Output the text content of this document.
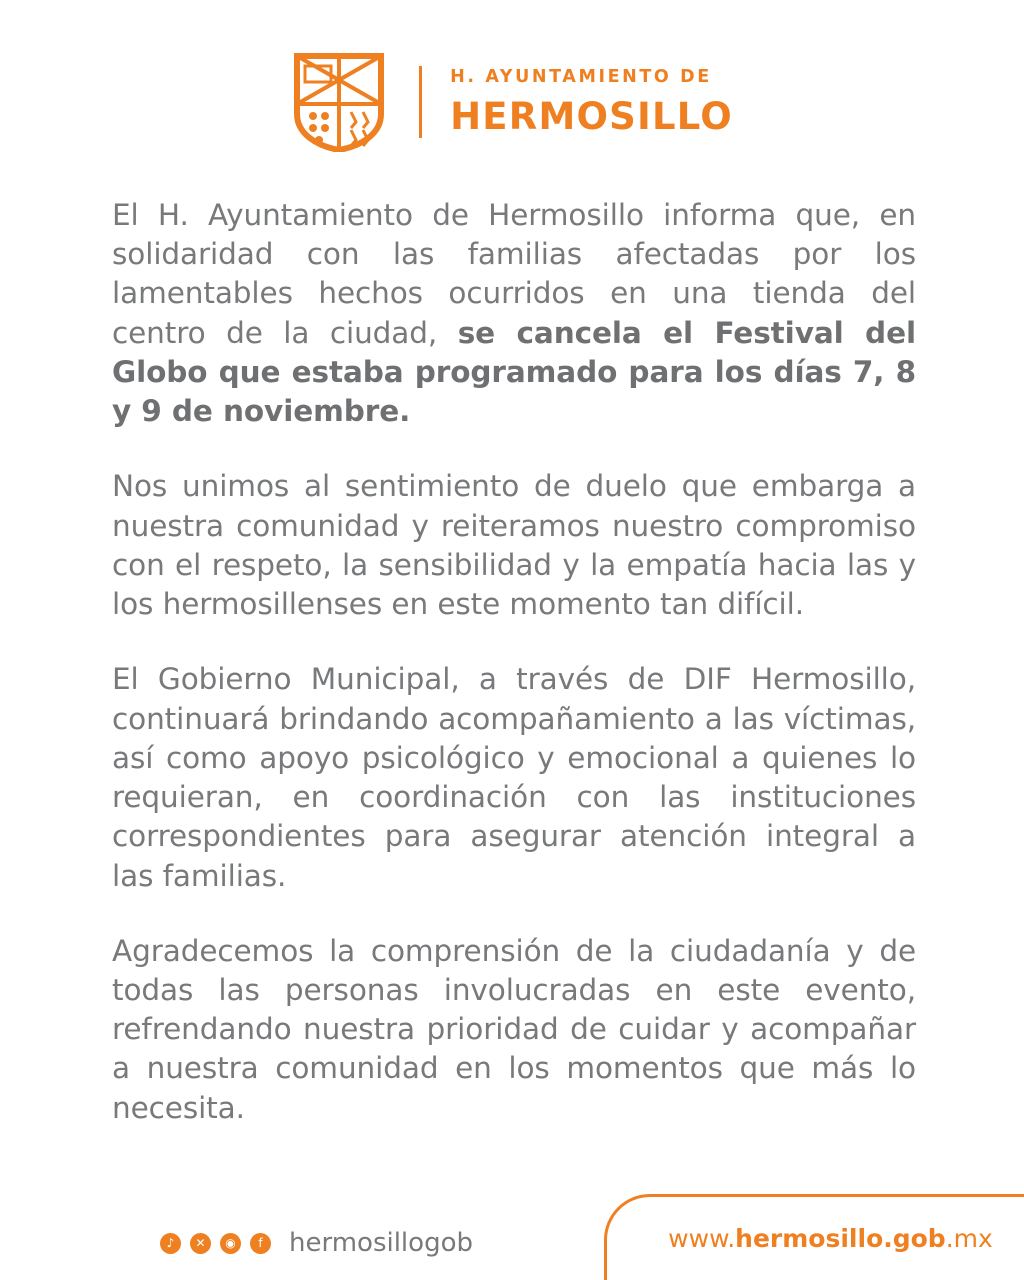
H. AYUNTAMIENTO DE
HERMOSILLO

El H. Ayuntamiento de Hermosillo informa que, en solidaridad con las familias afectadas por los lamentables hechos ocurridos en una tienda del centro de la ciudad, se cancela el Festival del Globo que estaba programado para los días 7, 8 y 9 de noviembre.

Nos unimos al sentimiento de duelo que embarga a nuestra comunidad y reiteramos nuestro compromiso con el respeto, la sensibilidad y la empatía hacia las y los hermosillenses en este momento tan difícil.

El Gobierno Municipal, a través de DIF Hermosillo, continuará brindando acompañamiento a las víctimas, así como apoyo psicológico y emocional a quienes lo requieran, en coordinación con las instituciones correspondientes para asegurar atención integral a las familias.

Agradecemos la comprensión de la ciudadanía y de todas las personas involucradas en este evento, refrendando nuestra prioridad de cuidar y acompañar a nuestra comunidad en los momentos que más lo necesita.

♪	✕	◉	f	hermosillogob	www.hermosillo.gob.mx
